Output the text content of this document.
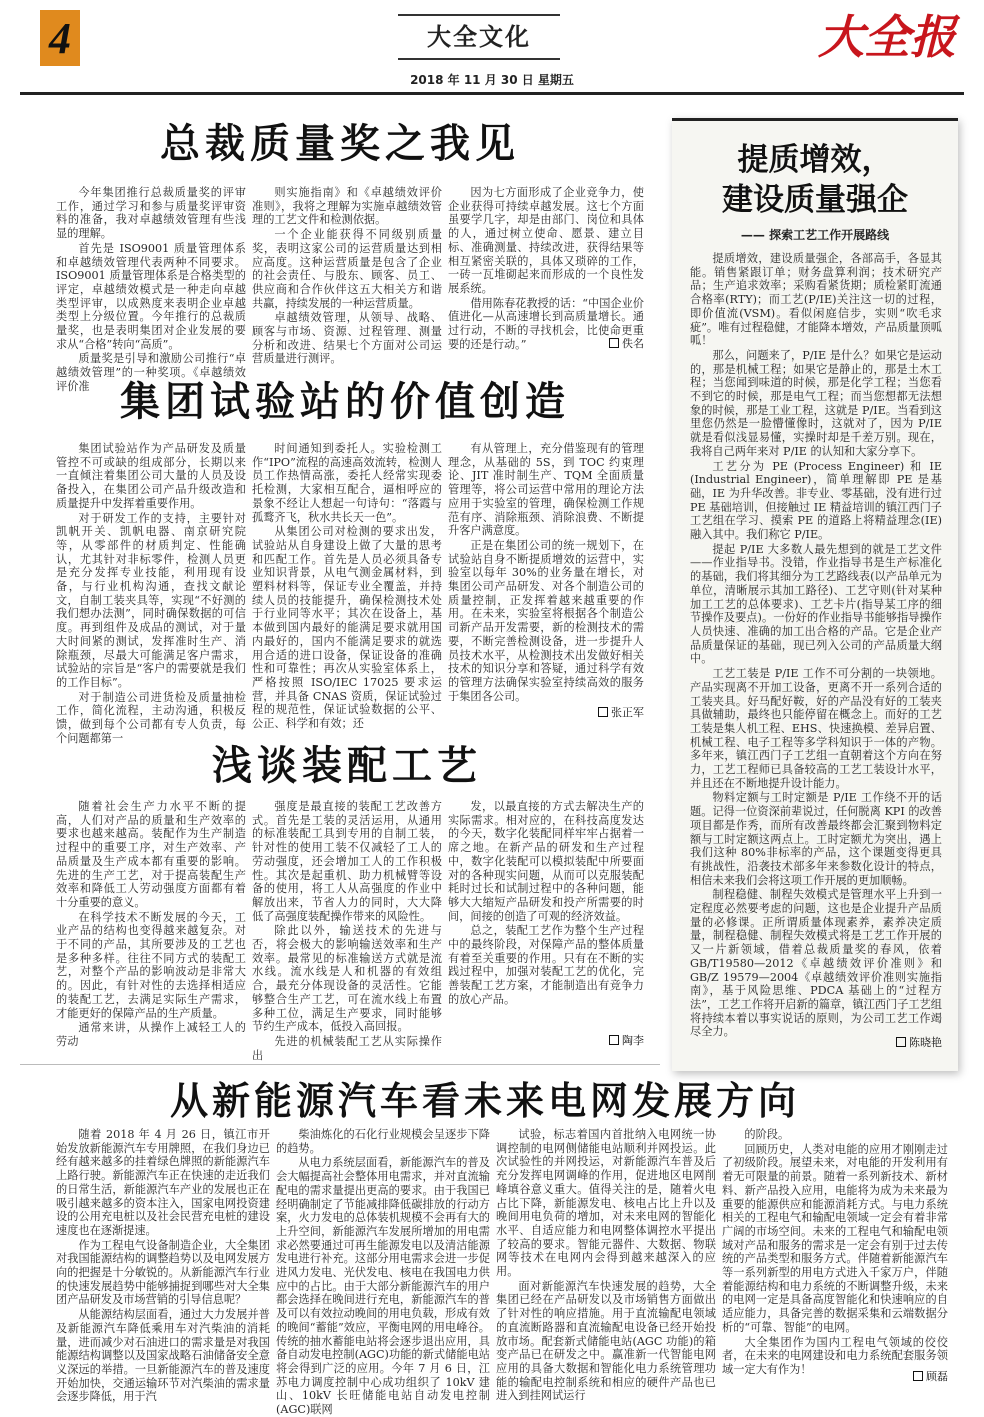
4	大全文化	大全报
2018 年 11 月 30 日 星期五
总裁质量奖之我见

今年集团推行总裁质量奖的评审工作，通过学习和参与质量奖评审资料的准备，我对卓越绩效管理有些浅显的理解。

首先是 ISO9001 质量管理体系和卓越绩效管理代表两种不同要求。ISO9001 质量管理体系是合格类型的评定，卓越绩效模式是一种走向卓越类型评审，以成熟度来表明企业卓越类型上分级位置。今年推行的总裁质量奖，也是表明集团对企业发展的要求从“合格”转向“高质”。

质量奖是引导和激励公司推行“卓越绩效管理”的一种奖项。《卓越绩效评价准

则实施指南》和《卓越绩效评价准则》，我将之理解为实施卓越绩效管理的工艺文件和检测依据。

一个企业能获得不同级别质量奖，表明这家公司的运营质量达到相应高度。这种运营质量是包含了企业的社会责任、与股东、顾客、员工、供应商和合作伙伴这五大相关方和谐共赢，持续发展的一种运营质量。

卓越绩效管理，从领导、战略、顾客与市场、资源、过程管理、测量分析和改进、结果七个方面对公司运营质量进行测评。

因为七方面形成了企业竞争力，使企业获得可持续卓越发展。这七个方面虽要学几字，却是由部门、岗位和具体的人，通过树立使命、愿景、建立目标、准确测量、持续改进，获得结果等相互紧密关联的，具体又琐碎的工作，一砖一瓦堆砌起来而形成的一个良性发展系统。

借用陈春花教授的话：“中国企业价值进化—从高速增长到高质量增长。通过行动，不断的寻找机会，比使命更重要的还是行动。”	佚名
集团试验站的价值创造

集团试验站作为产品研发及质量管控不可或缺的组成部分，长期以来一直倾注着集团公司大量的人员及设备投入，在集团公司产品升级改造和质量提升中发挥着重要作用。

对于研发工作的支持，主要针对凯帆开关、凯帆电器、南京研究院等，从零部件的材质判定、性能确认，尤其针对非标零件，检测人员更是充分发挥专业技能，利用现有设备，与行业机构沟通，查找文献论文，自制工装夹具等，实现“不好测的我们想办法测”，同时确保数据的可信度。再到组件及成品的测试，对于量大时间紧的测试，发挥准时生产、消除瓶颈，尽最大可能满足客户需求，试验站的宗旨是“客户的需要就是我们的工作目标”。

对于制造公司进货检及质量抽检工作，简化流程，主动沟通，积极反馈，做到每个公司都有专人负责，每个问题都第一

时间通知到委托人。实验检测工作“IPO”流程的高速高效流转，检测人员工作热情高涨，委托人经常实现委托检测，大家相互配合，逼相呼应的景象不经让人想起一句诗句：“落霞与孤鹜齐飞，秋水共长天一色”。

从集团公司对检测的要求出发，试验站从自身建设上做了大量的思考和匹配工作。首先是人员必须具备专业知识背景，从电气测金属材料，到塑料材料等，保证专业全覆盖，并持续人员的技能提升，确保检测技术处于行业同等水平；其次在设备上，基本做到国内最好的能满足要求就用国内最好的，国内不能满足要求的就选用合适的进口设备，保证设备的准确性和可靠性；再次从实验室体系上，严格按照 ISO/IEC 17025 要求运营，并具备 CNAS 资质，保证试验过程的规范性，保证试验数据的公平、公正、科学和有效；还

有从管理上，充分借鉴现有的管理理念，从基础的 5S，到 TOC 约束理论、JIT 准时制生产、TQM 全面质量管理等，将公司运营中常用的理论方法应用于实验室的管理，确保检测工作规范有序、消除瓶颈、消除浪费、不断提升客户满意度。

正是在集团公司的统一规划下，在试验站自身不断提质增效的运营中，实验室以每年 30%的业务量在增长，对集团公司产品研发、对各个制造公司的质量控制，正发挥着越来越重要的作用。在未来，实验室将根据各个制造公司新产品开发需要，新的检测技术的需要，不断完善检测设备，进一步提升人员技术水平，从检测技术出发做好相关技术的知识分享和答疑，通过科学有效的管理方法确保实验室持续高效的服务于集团各公司。

张正军
浅谈装配工艺

随着社会生产力水平不断的提高，人们对产品的质量和生产效率的要求也越来越高。装配作为生产制造过程中的重要工序，对生产效率、产品质量及生产成本都有重要的影响。先进的生产工艺，对于提高装配生产效率和降低工人劳动强度方面都有着十分重要的意义。

在科学技术不断发展的今天，工业产品的结构也变得越来越复杂。对于不同的产品，其所要涉及的工艺也是多种多样。往往不同方式的装配工艺，对整个产品的影响波动是非常大的。因此，有针对性的去选择相适应的装配工艺，去满足实际生产需求，才能更好的保障产品的生产质量。

通常来讲，从操作上减轻工人的劳动

强度是最直接的装配工艺改善方式。首先是工装的灵活运用，从通用的标准装配工具到专用的自制工装，针对性的使用工装不仅减轻了工人的劳动强度，还会增加工人的工作积极性。其次是起重机、助力机械臂等设备的使用，将工人从高强度的作业中解放出来，节省人力的同时，大大降低了高强度装配操作带来的风险性。

除此以外，输送技术的先进与否，将会极大的影响输送效率和生产效率。最常见的标准输送方式就是流水线。流水线是人和机器的有效组合，最充分体现设备的灵活性。它能够整合生产工艺，可在流水线上布置多种工位，满足生产要求，同时能够节约生产成本，低投入高回报。

先进的机械装配工艺从实际操作出

发，以最直接的方式去解决生产的实际需求。相对应的，在科技高度发达的今天，数字化装配同样牢牢占据着一席之地。在新产品的研发和生产过程中，数字化装配可以模拟装配中所要面对的各种现实问题，从而可以克服装配耗时过长和试制过程中的各种问题，能够大大缩短产品研发和投产所需要的时间，间接的创造了可观的经济效益。

总之，装配工艺作为整个生产过程中的最终阶段，对保障产品的整体质量有着至关重要的作用。只有在不断的实践过程中，加强对装配工艺的优化，完善装配工艺方案，才能制造出有竞争力的放心产品。

陶李
提质增效，
建设质量强企
—— 探索工艺工作开展路线

提质增效，建设质量强企，各部高手，各显其能。销售紧跟订单；财务盘算利润；技术研究产品；生产追求效率；采购看紧货期；质检紧盯流通合格率(RTY)；而工艺(P/IE)关注这一切的过程，即价值流(VSM)。看似闲庭信步，实则“吹毛求疵”。唯有过程稳健，才能降本增效，产品质量顶呱呱！

那么，问题来了，P/IE 是什么？如果它是运动的，那是机械工程；如果它是静止的，那是土木工程；当您闻到味道的时候，那是化学工程；当您看不到它的时候，那是电气工程；而当您想都无法想象的时候，那是工业工程，这就是 P/IE。当看到这里您仍然是一脸懵懂像时，这就对了，因为 P/IE 就是看似浅显易懂，实操时却是千差万别。现在，我将自己两年来对 P/IE 的认知和大家分享下。

工艺分为 PE (Process Engineer) 和 IE (Industrial Engineer)，简单理解即 PE 是基础，IE 为升华改善。非专业、零基础，没有进行过 PE 基础培训，但接触过 IE 精益培训的镇江西门子工艺组在学习、摸索 PE 的道路上将精益理念(IE)融入其中。我们称它 P/IE。

提起 P/IE 大多数人最先想到的就是工艺文件——作业指导书。没错，作业指导书是生产标准化的基础，我们将其细分为工艺路线表(以产品单元为单位，清晰展示其加工路径)、工艺守则(针对某种加工工艺的总体要求)、工艺卡片(指导某工序的细节操作及要点)。一份好的作业指导书能够指导操作人员快速、准确的加工出合格的产品。它是企业产品质量保证的基础，现已列入公司的产品质量大纲中。

工艺工装是 P/IE 工作不可分割的一块领地。产品实现离不开加工设备，更离不开一系列合适的工装夹具。好马配好鞍，好的产品没有好的工装夹具做辅助，最终也只能停留在概念上。而好的工艺工装是集人机工程、EHS、快速换模、差异启置、机械工程、电子工程等多学科知识于一体的产物。多年来，镇江西门子工艺组一直朝着这个方向在努力，工艺工程师已具备较高的工艺工装设计水平，并且还在不断地提升设计能力。

物料定额与工时定额是 P/IE 工作绕不开的话题。记得一位资深前辈说过，任何脱离 KPI 的改善项目都是作秀，而所有改善最终都会汇聚到物料定额与工时定额这两点上。工时定额尤为突出，遇上我们这种 80%非标率的产品，这个课题变得更具有挑战性，沿袭技术部多年来参数化设计的特点，相信未来我们会将这项工作开展的更加顺畅。

制程稳健、制程失效模式是管理水平上升到一定程度必然要考虑的问题，这也是企业提升产品质量的必修课。正所谓质量体现素养，素养决定质量，制程稳健、制程失效模式将是工艺工作开展的又一片新领域，借着总裁质量奖的春风，依着 GB/T19580—2012《卓越绩效评价准则》和 GB/Z 19579—2004《卓越绩效评价准则实施指南》，基于风险思维、PDCA 基础上的“过程方法”，工艺工作将开启新的篇章，镇江西门子工艺组将持续本着以事实说话的原则，为公司工艺工作竭尽全力。

陈晓艳
从新能源汽车看未来电网发展方向

随着 2018 年 4 月 26 日，镇江市开始发放新能源汽车专用牌照，在我们身边已经有越来越多的挂着绿色牌照的新能源汽车上路行驶。新能源汽车正在快速的走近我们的日常生活，新能源汽车产业的发展也正在吸引越来越多的资本注入，国家电网投资建设的公用充电桩以及社会民营充电桩的建设速度也在逐渐提速。

作为工程电气设备制造企业，大全集团对我国能源结构的调整趋势以及电网发展方向的把握是十分敏锐的。从新能源汽车行业的快速发展趋势中能够捕捉到哪些对大全集团产品研发及市场营销的引导信息呢？

从能源结构层面看，通过大力发展并普及新能源汽车降低乘用车对汽柴油的消耗量，进而减少对石油进口的需求量是对我国能源结构调整以及国家战略石油储备安全意义深远的举措。一旦新能源汽车的普及速度开始加快，交通运输环节对汽柴油的需求量会逐步降低，用于汽

柴油炼化的石化行业规模会呈逐步下降的趋势。

从电力系统层面看，新能源汽车的普及会大幅提高社会整体用电需求，并对直流输配电的需求量提出更高的要求。由于我国已经明确制定了节能减排降低碳排放的行动方案，火力发电的总体装机规模不会再有大的上升空间，新能源汽车发展所增加的用电需求必然要通过可再生能源发电以及清洁能源发电进行补充。这部分用电需求会进一步促进风力发电、光伏发电、核电在我国电力供应中的占比。由于大部分新能源汽车的用户都会选择在晚间进行充电，新能源汽车的普及可以有效拉动晚间的用电负载，形成有效的晚间“蓄能”效应，平衡电网的用电峰谷。传统的抽水蓄能电站将会逐步退出应用，具备自动发电控制(AGC)功能的新式储能电站将会得到广泛的应用。今年 7 月 6 日，江苏电力调度控制中心成功组织了 10kV 建山、10kV 长旺储能电站自动发电控制(AGC)联网

试验，标志着国内首批纳入电网统一协调控制的电网侧储能电站顺利并网投运。此次试验性的并网投运，对新能源汽车普及后充分发挥电网调峰的作用，促进地区电网削峰填谷意义重大。值得关注的是，随着火电占比下降，新能源发电、核电占比上升以及晚间用电负荷的增加，对未来电网的智能化水平、自适应能力和电网整体调控水平提出了较高的要求。智能元器件、大数据、物联网等技术在电网内会得到越来越深入的应用。

面对新能源汽车快速发展的趋势，大全集团已经在产品研发以及市场销售方面做出了针对性的响应措施。用于直流输配电领域的直流断路器和直流输配电设备已经开始投放市场。配套新式储能电站(AGC 功能)的箱变产品已在研发之中。赢准新一代智能电网应用的具备大数据和智能化电力系统管理功能的输配电控制系统和相应的硬件产品也已进入到挂网试运行

的阶段。

回顾历史，人类对电能的应用才刚刚走过了初级阶段。展望未来，对电能的开发利用有着无可限量的前景。随着一系列新技术、新材料、新产品投入应用，电能将为成为未来最为重要的能源供应和能源消耗方式。与电力系统相关的工程电气和输配电领域一定会有着非常广阔的市场空间。未来的工程电气和输配电领域对产品和服务的需求是一定会有别于过去传统的产品类型和服务方式。伴随着新能源汽车等一系列新型的用电方式进入千家万户，伴随着能源结构和电力系统的不断调整升级，未来的电网一定是具备高度智能化和快速响应的自适应能力，具备完善的数据采集和云端数据分析的“可靠、智能”的电网。

大全集团作为国内工程电气领域的佼佼者，在未来的电网建设和电力系统配套服务领域一定大有作为！

顾磊
